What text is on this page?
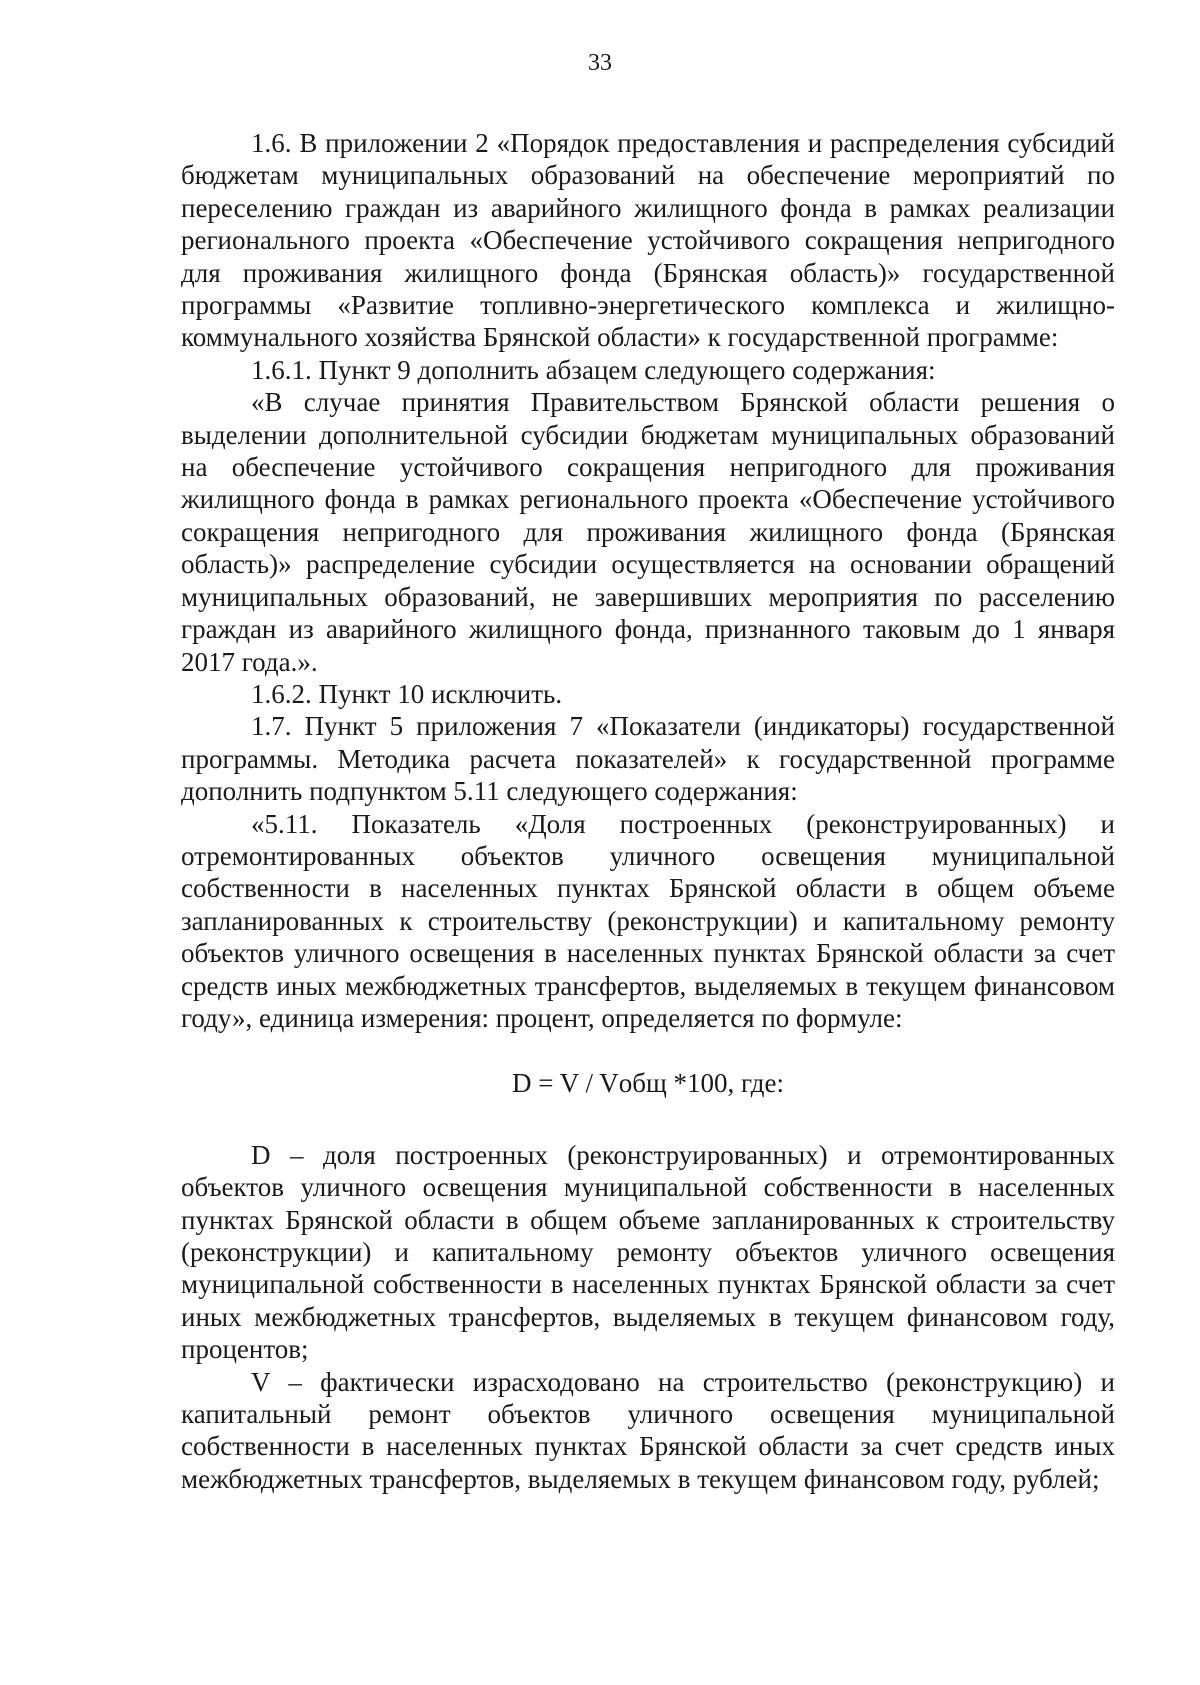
33

1.6. В приложении 2 «Порядок предоставления и распределения субсидий бюджетам муниципальных образований на обеспечение мероприятий по переселению граждан из аварийного жилищного фонда в рамках реализации регионального проекта «Обеспечение устойчивого сокращения непригодного для проживания жилищного фонда (Брянская область)» государственной программы «Развитие топливно-энергетического комплекса и жилищно-коммунального хозяйства Брянской области» к государственной программе:

1.6.1. Пункт 9 дополнить абзацем следующего содержания:

«В случае принятия Правительством Брянской области решения о выделении дополнительной субсидии бюджетам муниципальных образований на обеспечение устойчивого сокращения непригодного для проживания жилищного фонда в рамках регионального проекта «Обеспечение устойчивого сокращения непригодного для проживания жилищного фонда (Брянская область)» распределение субсидии осуществляется на основании обращений муниципальных образований, не завершивших мероприятия по расселению граждан из аварийного жилищного фонда, признанного таковым до 1 января 2017 года.».

1.6.2. Пункт 10 исключить.

1.7. Пункт 5 приложения 7 «Показатели (индикаторы) государственной программы. Методика расчета показателей» к государственной программе дополнить подпунктом 5.11 следующего содержания:

«5.11. Показатель «Доля построенных (реконструированных) и отремонтированных объектов уличного освещения муниципальной собственности в населенных пунктах Брянской области в общем объеме запланированных к строительству (реконструкции) и капитальному ремонту объектов уличного освещения в населенных пунктах Брянской области за счет средств иных межбюджетных трансфертов, выделяемых в текущем финансовом году», единица измерения: процент, определяется по формуле:

D = V / Vобщ *100, где:

D – доля построенных (реконструированных) и отремонтированных объектов уличного освещения муниципальной собственности в населенных пунктах Брянской области в общем объеме запланированных к строительству (реконструкции) и капитальному ремонту объектов уличного освещения муниципальной собственности в населенных пунктах Брянской области за счет иных межбюджетных трансфертов, выделяемых в текущем финансовом году, процентов;

V – фактически израсходовано на строительство (реконструкцию) и капитальный ремонт объектов уличного освещения муниципальной собственности в населенных пунктах Брянской области за счет средств иных межбюджетных трансфертов, выделяемых в текущем финансовом году, рублей;
